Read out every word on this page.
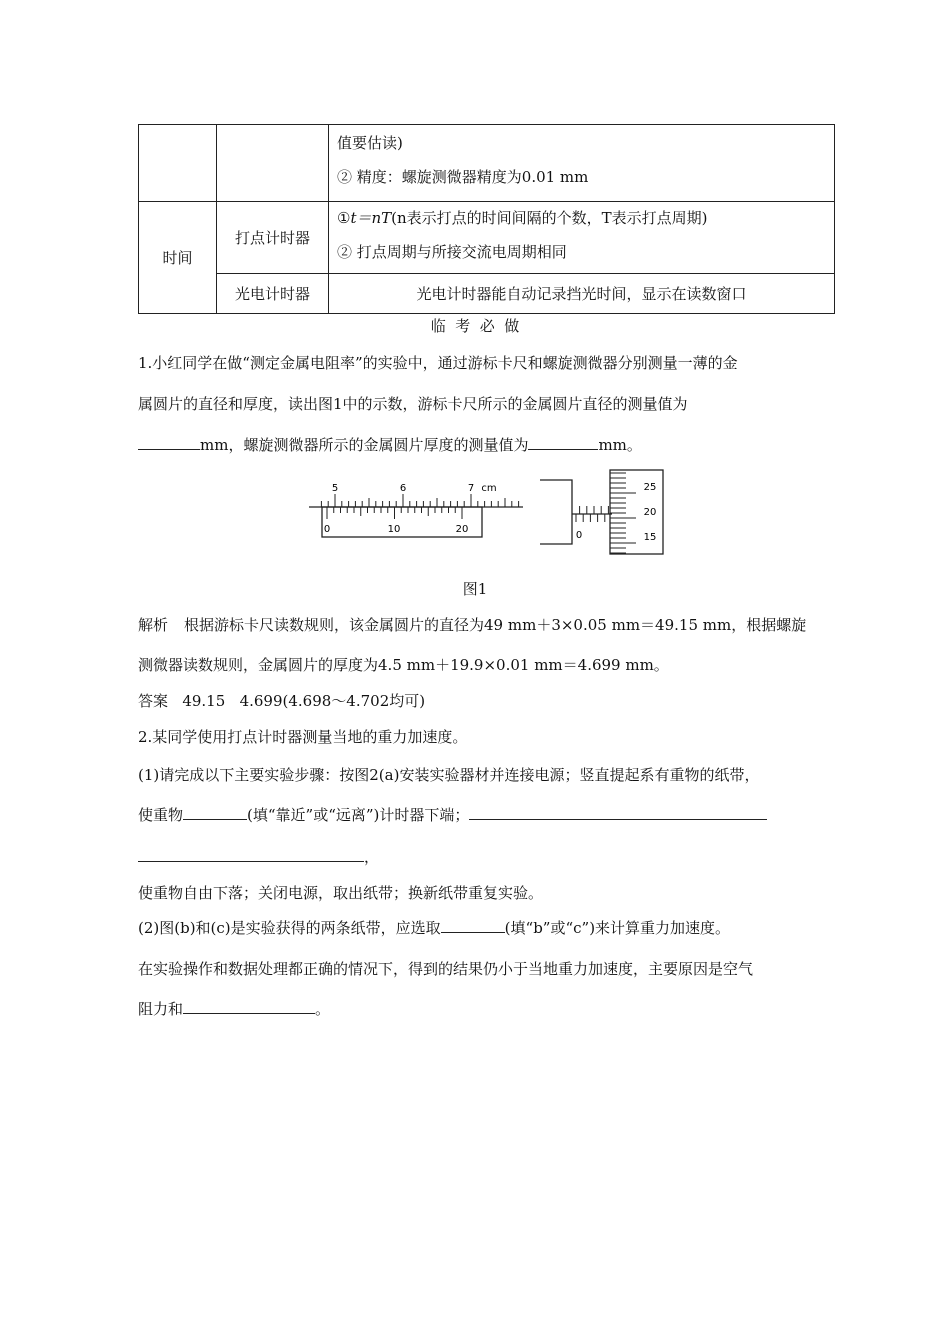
		值要估读)
② 精度：螺旋测微器精度为0.01 mm

时间	打点计时器	①t＝nT(n表示打点的时间间隔的个数，T表示打点周期)
② 打点周期与所接交流电周期相同

	光电计时器	光电计时器能自动记录挡光时间，显示在读数窗口
临  考  必  做
1.小红同学在做“测定金属电阻率”的实验中，通过游标卡尺和螺旋测微器分别测量一薄的金
属圆片的直径和厚度，读出图1中的示数，游标卡尺所示的金属圆片直径的测量值为
mm，螺旋测微器所示的金属圆片厚度的测量值为	mm。
5	6	7 cm
0	10	20
0
25
20
15
图1
解析 根据游标卡尺读数规则，该金属圆片的直径为49 mm＋3×0.05 mm＝49.15 mm，根据螺旋
测微器读数规则，金属圆片的厚度为4.5 mm＋19.9×0.01 mm＝4.699 mm。
答案 49.15   4.699(4.698～4.702均可)
2.某同学使用打点计时器测量当地的重力加速度。
(1)请完成以下主要实验步骤：按图2(a)安装实验器材并连接电源；竖直提起系有重物的纸带，
使重物	(填“靠近”或“远离”)计时器下端；
，
使重物自由下落；关闭电源，取出纸带；换新纸带重复实验。
(2)图(b)和(c)是实验获得的两条纸带，应选取	(填“b”或“c”)来计算重力加速度。
在实验操作和数据处理都正确的情况下，得到的结果仍小于当地重力加速度，主要原因是空气
阻力和	。
